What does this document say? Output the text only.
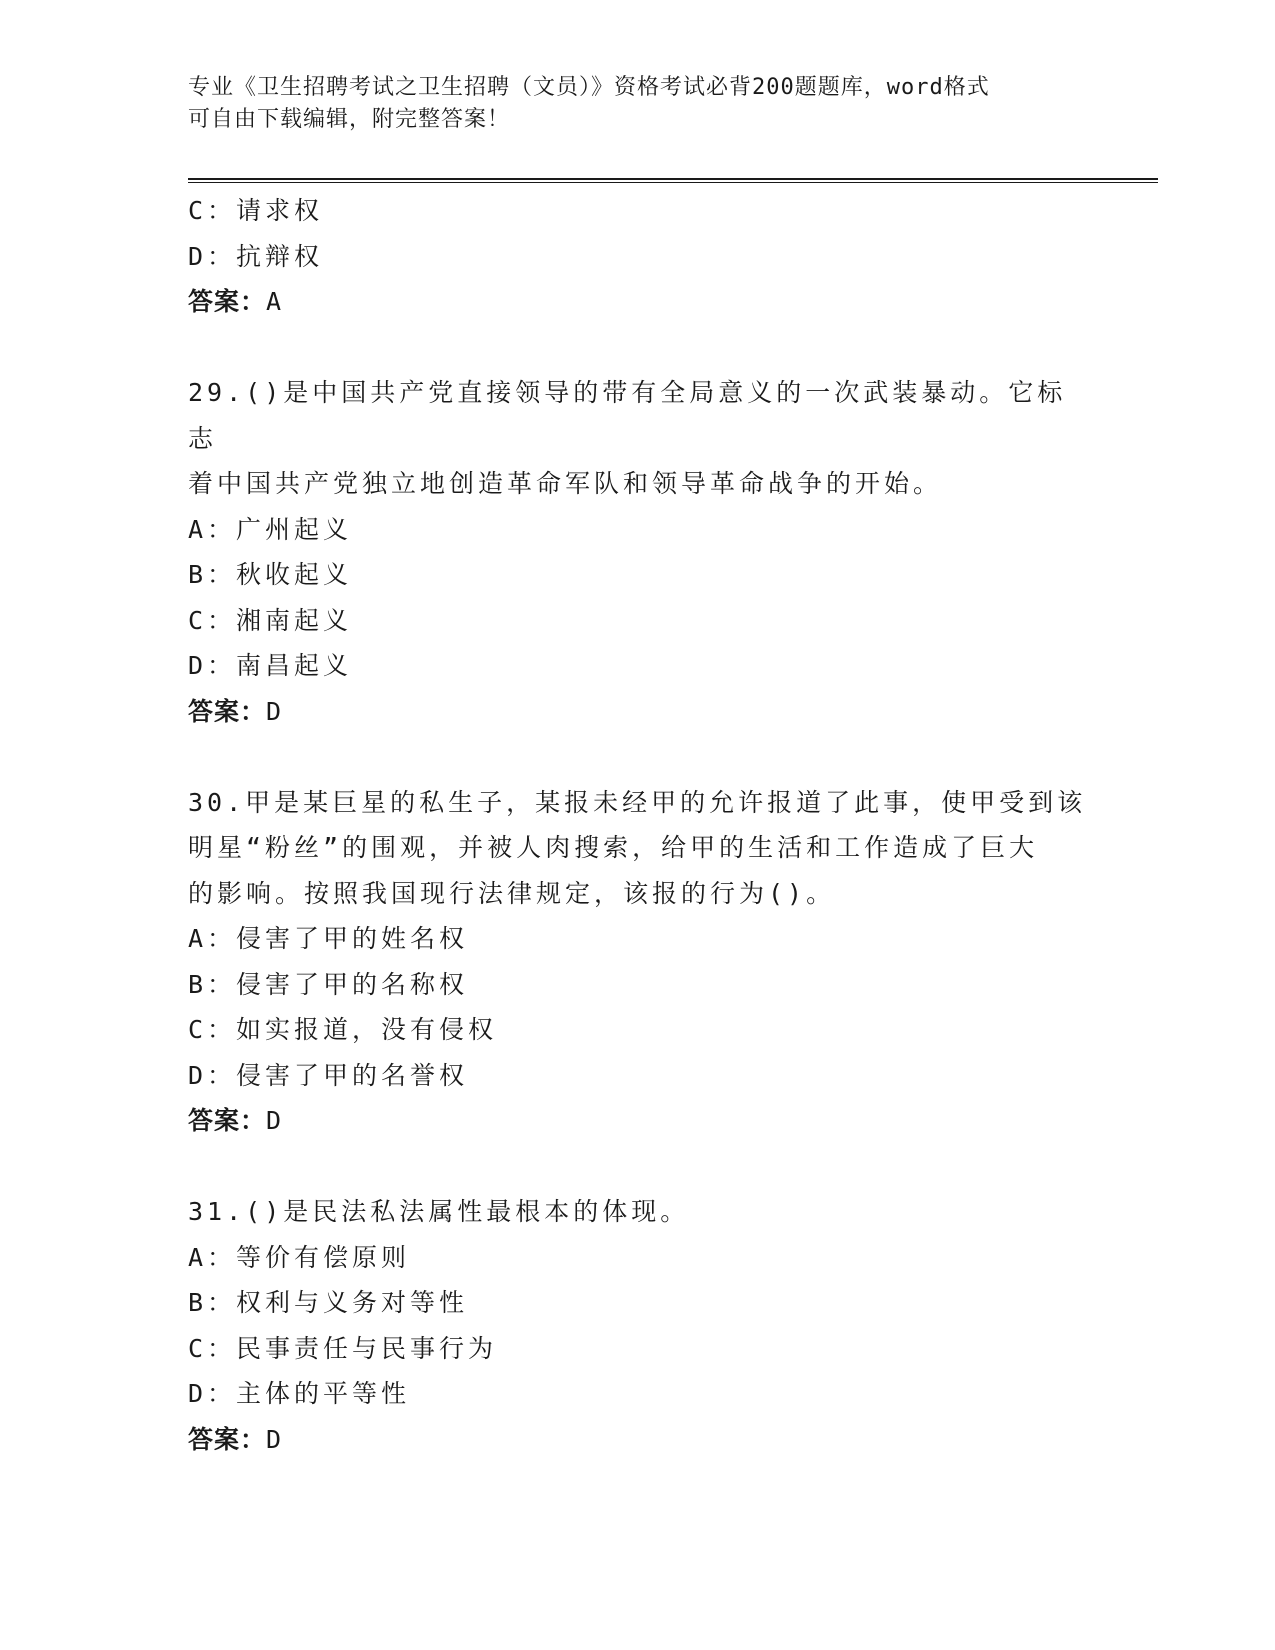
专业《卫生招聘考试之卫生招聘（文员）》资格考试必背200题题库，word格式
可自由下载编辑，附完整答案！
C：请求权
D：抗辩权
答案：A
29.()是中国共产党直接领导的带有全局意义的一次武装暴动。它标志
着中国共产党独立地创造革命军队和领导革命战争的开始。
A：广州起义
B：秋收起义
C：湘南起义
D：南昌起义
答案：D
30.甲是某巨星的私生子，某报未经甲的允许报道了此事，使甲受到该
明星“粉丝”的围观，并被人肉搜索，给甲的生活和工作造成了巨大
的影响。按照我国现行法律规定，该报的行为()。
A：侵害了甲的姓名权
B：侵害了甲的名称权
C：如实报道，没有侵权
D：侵害了甲的名誉权
答案：D
31.()是民法私法属性最根本的体现。
A：等价有偿原则
B：权利与义务对等性
C：民事责任与民事行为
D：主体的平等性
答案：D
